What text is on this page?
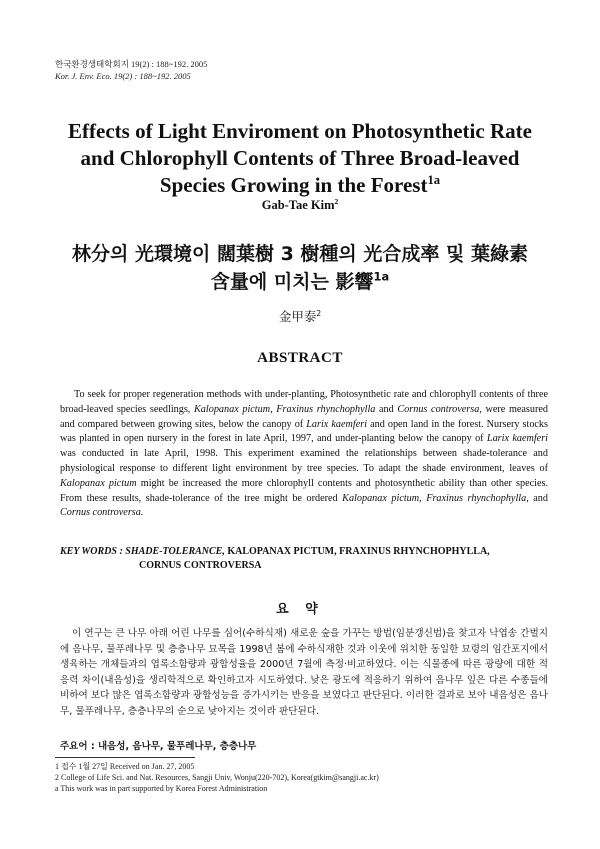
한국환경생태학회지 19(2) : 188~192. 2005
Kor. J. Env. Eco. 19(2) : 188~192. 2005
Effects of Light Enviroment on Photosynthetic Rate
and Chlorophyll Contents of Three Broad-leaved
Species Growing in the Forest$^{1a}$
Gab-Tae Kim$^2$
林分의 光環境이 闊葉樹 3 樹種의 光合成率 및 葉綠素
含量에 미치는 影響$^{1a}$
金甲泰$^2$
ABSTRACT

To seek for proper regeneration methods with under-planting, Photosynthetic rate and chlorophyll contents of three broad-leaved species seedlings, Kalopanax pictum, Fraxinus rhynchophylla and Cornus controversa, were measured and compared between growing sites, below the canopy of Larix kaemferi and open land in the forest. Nursery stocks was planted in open nursery in the forest in late April, 1997, and under-planting below the canopy of Larix kaemferi was conducted in late April, 1998. This experiment examined the relationships between shade-tolerance and physiological response to different light environment by tree species. To adapt the shade environment, leaves of Kalopanax pictum might be increased the more chlorophyll contents and photosynthetic ability than other species. From these results, shade-tolerance of the tree might be ordered Kalopanax pictum, Fraxinus rhynchophylla, and Cornus controversa.

KEY WORDS : SHADE-TOLERANCE, KALOPANAX PICTUM, FRAXINUS RHYNCHOPHYLLA,
CORNUS CONTROVERSA
요 약

이 연구는 큰 나무 아래 어린 나무를 심어(수하식재) 새로운 숲을 가꾸는 방법(임분갱신법)을 찾고자 낙엽송 간벌지에 음나무, 물푸레나무 및 층층나무 묘목을 1998년 봄에 수하식재한 것과 이웃에 위치한 동일한 묘령의 임간포지에서 생육하는 개체들과의 엽록소함량과 광합성율을 2000년 7월에 측정·비교하였다. 이는 식물종에 따른 광량에 대한 적응력 차이(내음성)을 생리학적으로 확인하고자 시도하였다. 낮은 광도에 적응하기 위하여 음나무 잎은 다른 수종들에 비하여 보다 많은 엽록소함량과 광합성능을 증가시키는 반응을 보였다고 판단된다. 이러한 결과로 보아 내음성은 음나무, 물푸레나무, 층층나무의 순으로 낮아지는 것이라 판단된다.

주요어 : 내음성, 음나무, 물푸레나무, 층층나무
1 접수 1월 27일 Received on Jan. 27, 2005
2 College of Life Sci. and Nat. Resources, Sangji Univ, Wonju(220-702), Korea(gtkim@sangji.ac.kr)
a This work was in part supported by Korea Forest Administration
